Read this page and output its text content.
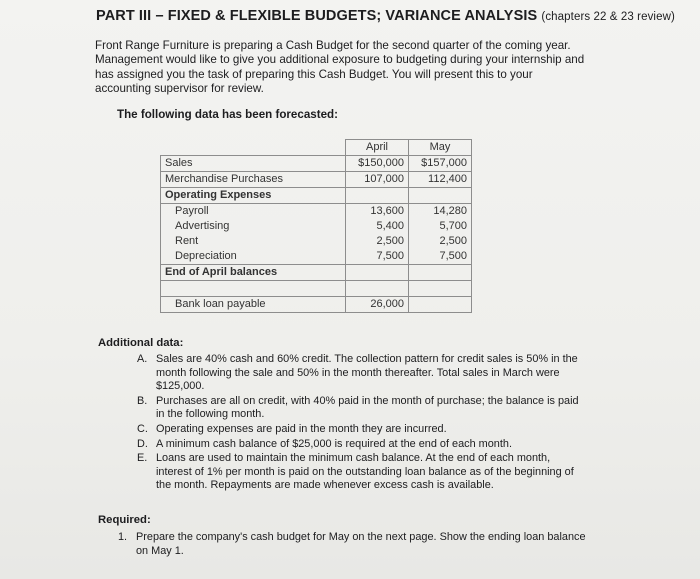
PART III – FIXED & FLEXIBLE BUDGETS; VARIANCE ANALYSIS (chapters 22 & 23 review)
Front Range Furniture is preparing a Cash Budget for the second quarter of the coming year. Management would like to give you additional exposure to budgeting during your internship and has assigned you the task of preparing this Cash Budget. You will present this to your accounting supervisor for review.
The following data has been forecasted:
	April	May
Sales	$150,000	$157,000
Merchandise Purchases	107,000	112,400
Operating Expenses		
Payroll	13,600	14,280
Advertising	5,400	5,700
Rent	2,500	2,500
Depreciation	7,500	7,500
End of April balances		

Bank loan payable	26,000	
Additional data:
A. Sales are 40% cash and 60% credit. The collection pattern for credit sales is 50% in the month following the sale and 50% in the month thereafter. Total sales in March were $125,000.
B. Purchases are all on credit, with 40% paid in the month of purchase; the balance is paid in the following month.
C. Operating expenses are paid in the month they are incurred.
D. A minimum cash balance of $25,000 is required at the end of each month.
E. Loans are used to maintain the minimum cash balance. At the end of each month, interest of 1% per month is paid on the outstanding loan balance as of the beginning of the month. Repayments are made whenever excess cash is available.
Required:
1. Prepare the company's cash budget for May on the next page. Show the ending loan balance on May 1.
